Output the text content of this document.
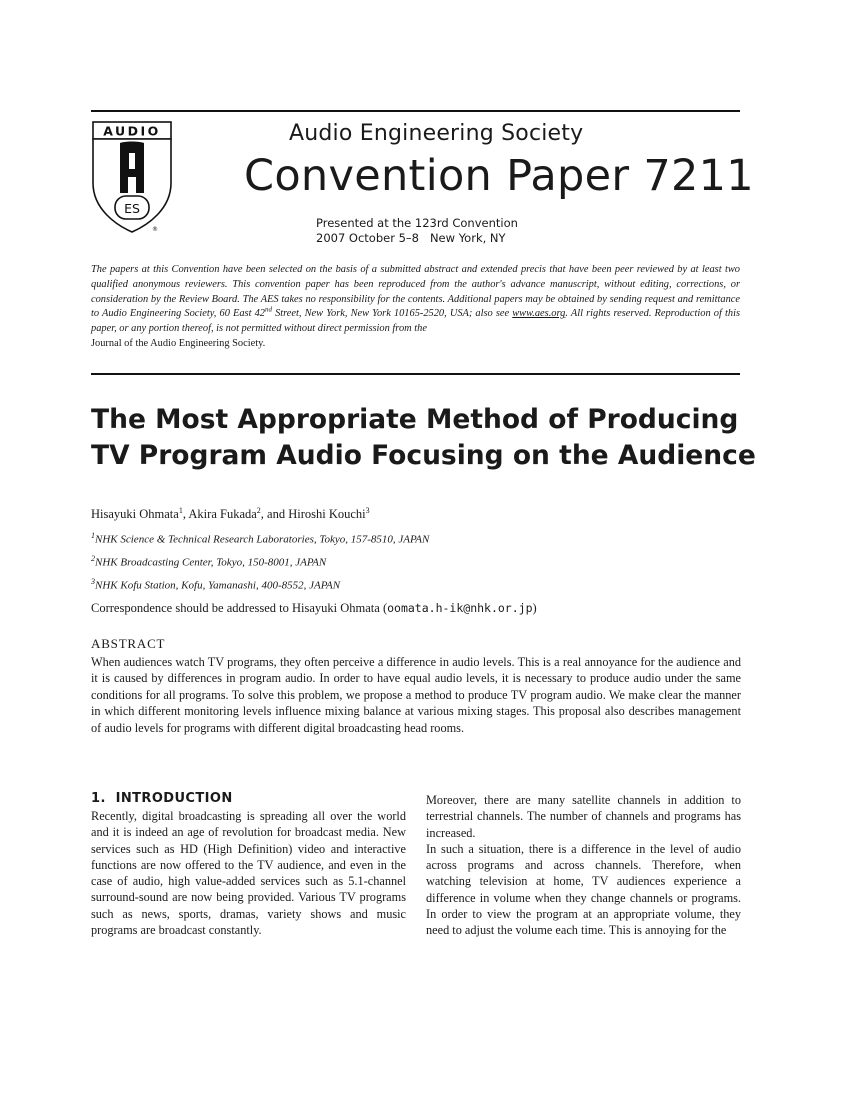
AUDIO
ES
®
Audio Engineering Society
Convention Paper 7211
Presented at the 123rd Convention
2007 October 5–8   New York, NY
The papers at this Convention have been selected on the basis of a submitted abstract and extended precis that have been peer reviewed by at least two qualified anonymous reviewers. This convention paper has been reproduced from the author's advance manuscript, without editing, corrections, or consideration by the Review Board. The AES takes no responsibility for the contents. Additional papers may be obtained by sending request and remittance to Audio Engineering Society, 60 East 42nd Street, New York, New York 10165-2520, USA; also see www.aes.org. All rights reserved. Reproduction of this paper, or any portion thereof, is not permitted without direct permission from the
Journal of the Audio Engineering Society.
The Most Appropriate Method of Producing
TV Program Audio Focusing on the Audience
Hisayuki Ohmata$^1$, Akira Fukada$^2$, and Hiroshi Kouchi$^3$
$^1$NHK Science & Technical Research Laboratories, Tokyo, 157-8510, JAPAN
$^2$NHK Broadcasting Center, Tokyo, 150-8001, JAPAN
$^3$NHK Kofu Station, Kofu, Yamanashi, 400-8552, JAPAN
Correspondence should be addressed to Hisayuki Ohmata (oomata.h-ik@nhk.or.jp)
ABSTRACT
When audiences watch TV programs, they often perceive a difference in audio levels. This is a real annoyance for the audience and it is caused by differences in program audio. In order to have equal audio levels, it is necessary to produce audio under the same conditions for all programs. To solve this problem, we propose a method to produce TV program audio. We make clear the manner in which different monitoring levels influence mixing balance at various mixing stages. This proposal also describes management of audio levels for programs with different digital broadcasting head rooms.
1.  INTRODUCTION

Recently, digital broadcasting is spreading all over the world and it is indeed an age of revolution for broadcast media. New services such as HD (High Definition) video and interactive functions are now offered to the TV audience, and even in the case of audio, high value-added services such as 5.1-channel surround-sound are now being provided. Various TV programs such as news, sports, dramas, variety shows and music programs are broadcast constantly.

Moreover, there are many satellite channels in addition to terrestrial channels. The number of channels and programs has increased.

In such a situation, there is a difference in the level of audio across programs and across channels. Therefore, when watching television at home, TV audiences experience a difference in volume when they change channels or programs. In order to view the program at an appropriate volume, they need to adjust the volume each time. This is annoying for the
